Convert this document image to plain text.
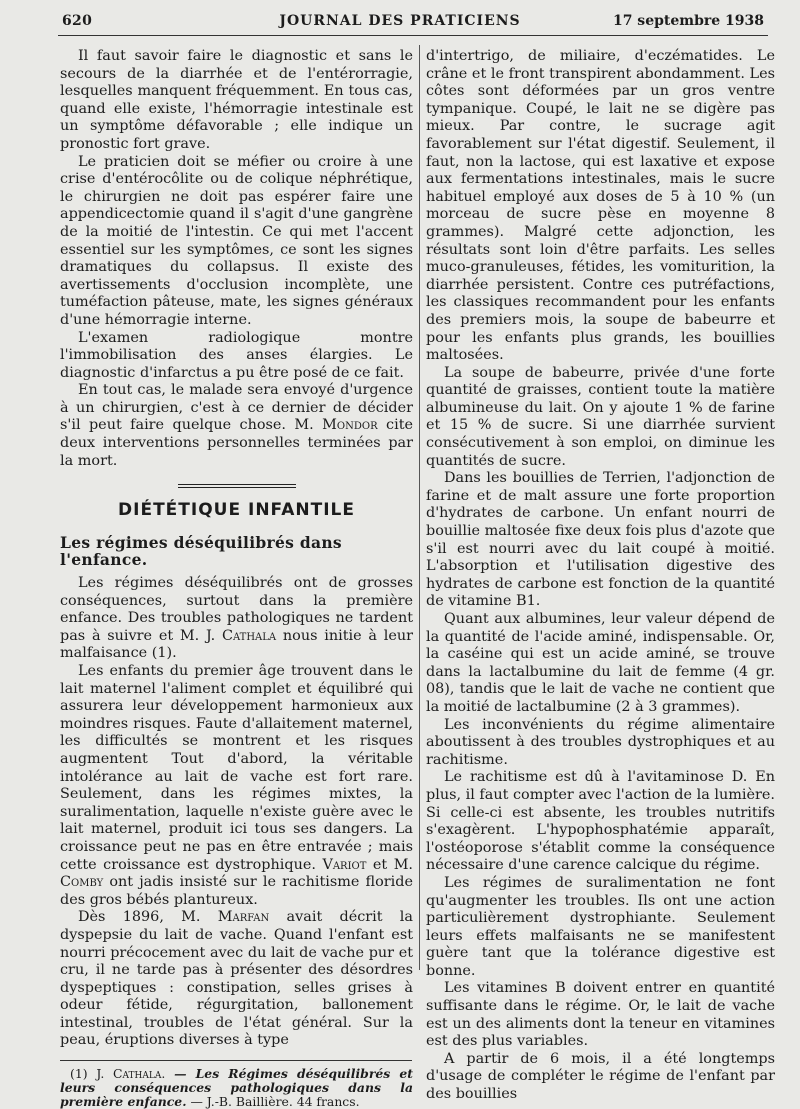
620	JOURNAL DES PRATICIENS	17 septembre 1938

Il faut savoir faire le diagnostic et sans le secours de la diarrhée et de l'entérorragie, lesquelles manquent fréquemment. En tous cas, quand elle existe, l'hémorragie intestinale est un symptôme défavorable ; elle indique un pronostic fort grave.

Le praticien doit se méfier ou croire à une crise d'entérocôlite ou de colique néphrétique, le chirurgien ne doit pas espérer faire une appendicectomie quand il s'agit d'une gangrène de la moitié de l'intestin. Ce qui met l'accent essentiel sur les symptômes, ce sont les signes dramatiques du collapsus. Il existe des avertissements d'occlusion incomplète, une tuméfaction pâteuse, mate, les signes généraux d'une hémorragie interne.

L'examen radiologique montre l'immobilisation des anses élargies. Le diagnostic d'infarctus a pu être posé de ce fait.

En tout cas, le malade sera envoyé d'urgence à un chirurgien, c'est à ce dernier de décider s'il peut faire quelque chose. M. Mondor cite deux interventions personnelles terminées par la mort.

DIÉTÉTIQUE INFANTILE
Les régimes déséquilibrés dans l'enfance.

Les régimes déséquilibrés ont de grosses conséquences, surtout dans la première enfance. Des troubles pathologiques ne tardent pas à suivre et M. J. Cathala nous initie à leur malfaisance (1).

Les enfants du premier âge trouvent dans le lait maternel l'aliment complet et équilibré qui assurera leur développement harmonieux aux moindres risques. Faute d'allaitement maternel, les difficultés se montrent et les risques augmentent Tout d'abord, la véritable intolérance au lait de vache est fort rare. Seulement, dans les régimes mixtes, la suralimentation, laquelle n'existe guère avec le lait maternel, produit ici tous ses dangers. La croissance peut ne pas en être entravée ; mais cette croissance est dystrophique. Variot et M. Comby ont jadis insisté sur le rachitisme floride des gros bébés plantureux.

Dès 1896, M. Marfan avait décrit la dyspepsie du lait de vache. Quand l'enfant est nourri précocement avec du lait de vache pur et cru, il ne tarde pas à présenter des désordres dyspeptiques : constipation, selles grises à odeur fétide, régurgitation, ballonement intestinal, troubles de l'état général. Sur la peau, éruptions diverses à type

(1) J. Cathala. — Les Régimes déséquilibrés et leurs conséquences pathologiques dans la première enfance. — J.-B. Baillière. 44 francs.

d'intertrigo, de miliaire, d'eczématides. Le crâne et le front transpirent abondamment. Les côtes sont déformées par un gros ventre tympanique. Coupé, le lait ne se digère pas mieux. Par contre, le sucrage agit favorablement sur l'état digestif. Seulement, il faut, non la lactose, qui est laxative et expose aux fermentations intestinales, mais le sucre habituel employé aux doses de 5 à 10 % (un morceau de sucre pèse en moyenne 8 grammes). Malgré cette adjonction, les résultats sont loin d'être parfaits. Les selles muco-granuleuses, fétides, les vomiturition, la diarrhée persistent. Contre ces putréfactions, les classiques recommandent pour les enfants des premiers mois, la soupe de babeurre et pour les enfants plus grands, les bouillies maltosées.

La soupe de babeurre, privée d'une forte quantité de graisses, contient toute la matière albumineuse du lait. On y ajoute 1 % de farine et 15 % de sucre. Si une diarrhée survient consécutivement à son emploi, on diminue les quantités de sucre.

Dans les bouillies de Terrien, l'adjonction de farine et de malt assure une forte proportion d'hydrates de carbone. Un enfant nourri de bouillie maltosée fixe deux fois plus d'azote que s'il est nourri avec du lait coupé à moitié. L'absorption et l'utilisation digestive des hydrates de carbone est fonction de la quantité de vitamine B1.

Quant aux albumines, leur valeur dépend de la quantité de l'acide aminé, indispensable. Or, la caséine qui est un acide aminé, se trouve dans la lactalbumine du lait de femme (4 gr. 08), tandis que le lait de vache ne contient que la moitié de lactalbumine (2 à 3 grammes).

Les inconvénients du régime alimentaire aboutissent à des troubles dystrophiques et au rachitisme.

Le rachitisme est dû à l'avitaminose D. En plus, il faut compter avec l'action de la lumière. Si celle-ci est absente, les troubles nutritifs s'exagèrent. L'hypophosphatémie apparaît, l'ostéoporose s'établit comme la conséquence nécessaire d'une carence calcique du régime.

Les régimes de suralimentation ne font qu'augmenter les troubles. Ils ont une action particulièrement dystrophiante. Seulement leurs effets malfaisants ne se manifestent guère tant que la tolérance digestive est bonne.

Les vitamines B doivent entrer en quantité suffisante dans le régime. Or, le lait de vache est un des aliments dont la teneur en vitamines est des plus variables.

A partir de 6 mois, il a été longtemps d'usage de compléter le régime de l'enfant par des bouillies
